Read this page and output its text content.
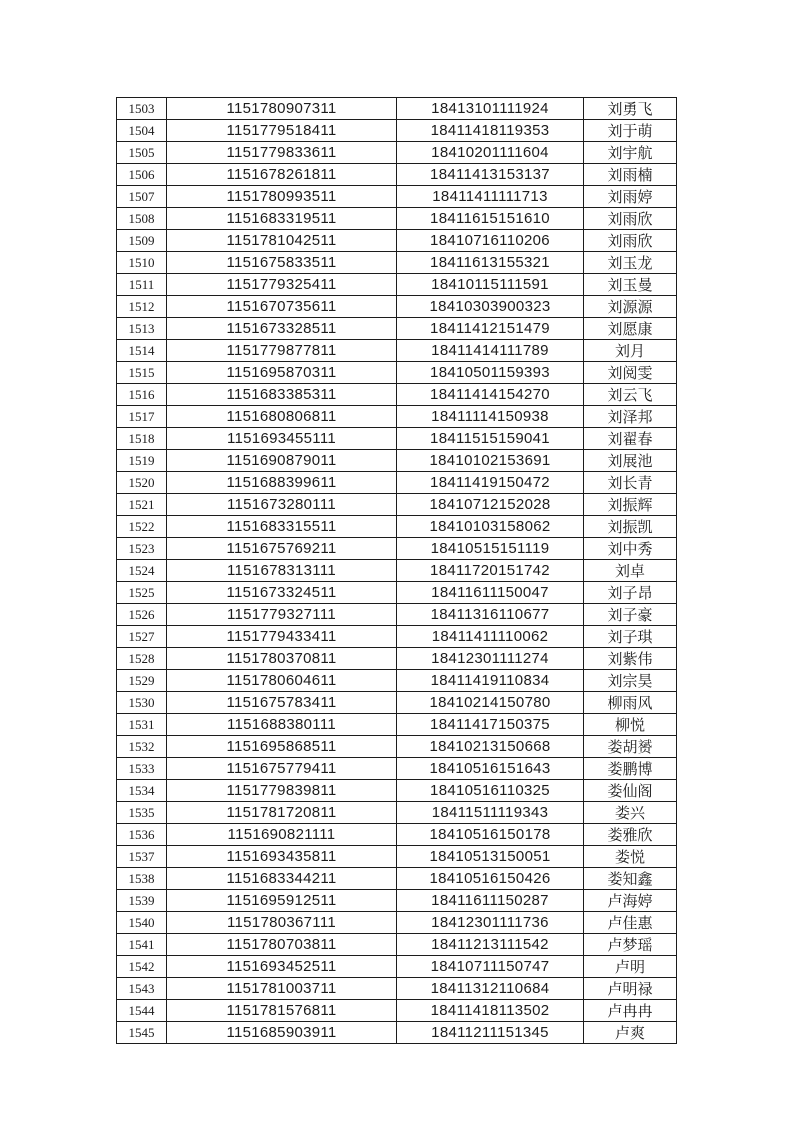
1503	1151780907311	18413101111924	刘勇飞
1504	1151779518411	18411418119353	刘于萌
1505	1151779833611	18410201111604	刘宇航
1506	1151678261811	18411413153137	刘雨楠
1507	1151780993511	18411411111713	刘雨婷
1508	1151683319511	18411615151610	刘雨欣
1509	1151781042511	18410716110206	刘雨欣
1510	1151675833511	18411613155321	刘玉龙
1511	1151779325411	18410115111591	刘玉曼
1512	1151670735611	18410303900323	刘源源
1513	1151673328511	18411412151479	刘愿康
1514	1151779877811	18411414111789	刘月
1515	1151695870311	18410501159393	刘阅雯
1516	1151683385311	18411414154270	刘云飞
1517	1151680806811	18411114150938	刘泽邦
1518	1151693455111	18411515159041	刘翟春
1519	1151690879011	18410102153691	刘展池
1520	1151688399611	18411419150472	刘长青
1521	1151673280111	18410712152028	刘振辉
1522	1151683315511	18410103158062	刘振凯
1523	1151675769211	18410515151119	刘中秀
1524	1151678313111	18411720151742	刘卓
1525	1151673324511	18411611150047	刘子昂
1526	1151779327111	18411316110677	刘子豪
1527	1151779433411	18411411110062	刘子琪
1528	1151780370811	18412301111274	刘紫伟
1529	1151780604611	18411419110834	刘宗昊
1530	1151675783411	18410214150780	柳雨风
1531	1151688380111	18411417150375	柳悦
1532	1151695868511	18410213150668	娄胡赟
1533	1151675779411	18410516151643	娄鹏博
1534	1151779839811	18410516110325	娄仙阁
1535	1151781720811	18411511119343	娄兴
1536	1151690821111	18410516150178	娄雅欣
1537	1151693435811	18410513150051	娄悦
1538	1151683344211	18410516150426	娄知鑫
1539	1151695912511	18411611150287	卢海婷
1540	1151780367111	18412301111736	卢佳惠
1541	1151780703811	18411213111542	卢梦瑶
1542	1151693452511	18410711150747	卢明
1543	1151781003711	18411312110684	卢明禄
1544	1151781576811	18411418113502	卢冉冉
1545	1151685903911	18411211151345	卢爽
